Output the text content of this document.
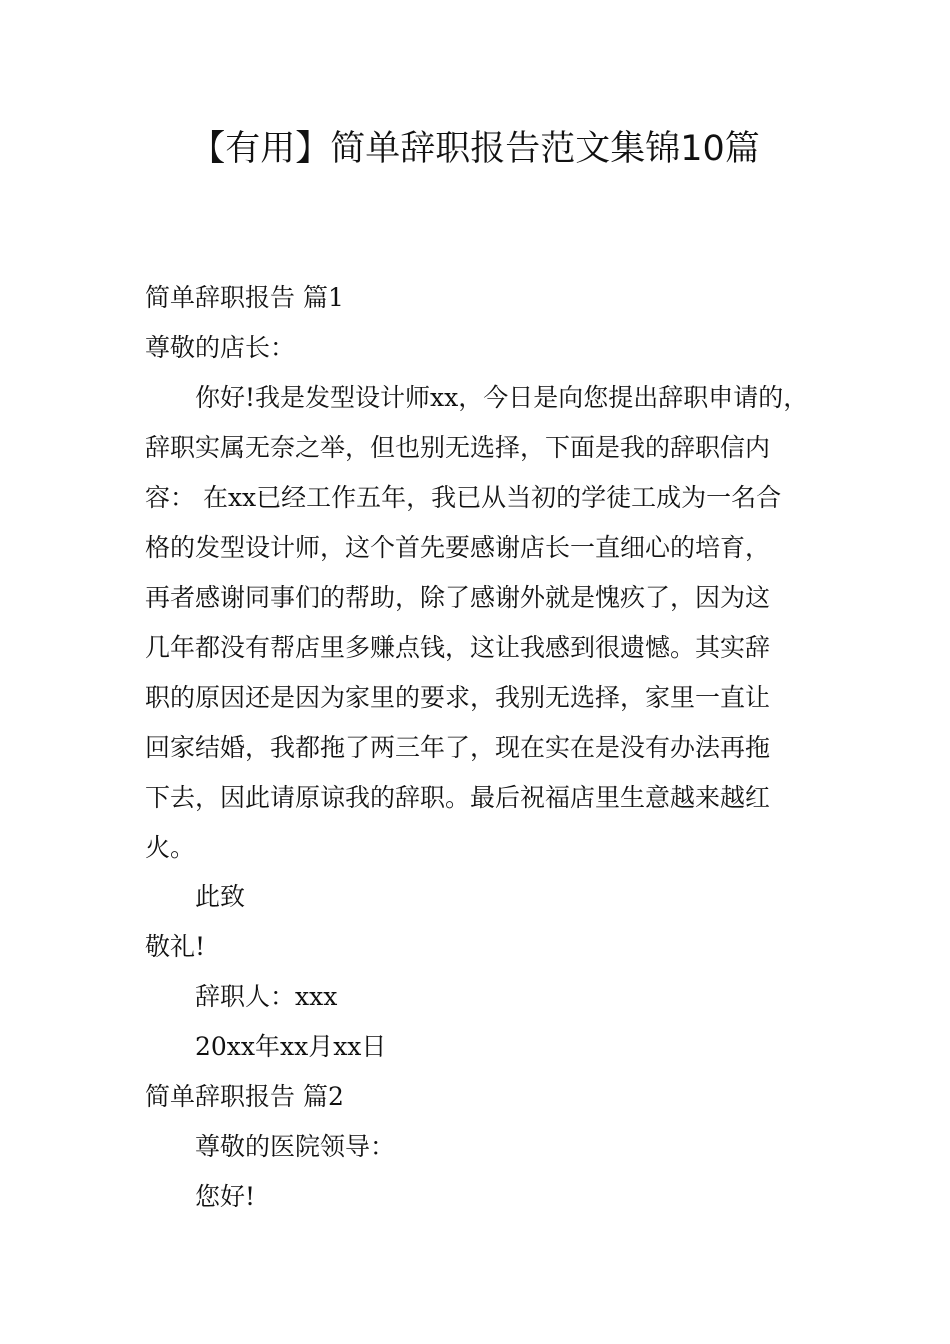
【有用】简单辞职报告范文集锦10篇
简单辞职报告 篇1
尊敬的店长：
你好!我是发型设计师xx，今日是向您提出辞职申请的，
辞职实属无奈之举，但也别无选择，下面是我的辞职信内
容： 在xx已经工作五年，我已从当初的学徒工成为一名合
格的发型设计师，这个首先要感谢店长一直细心的培育，
再者感谢同事们的帮助，除了感谢外就是愧疚了，因为这
几年都没有帮店里多赚点钱，这让我感到很遗憾。其实辞
职的原因还是因为家里的要求，我别无选择，家里一直让
回家结婚，我都拖了两三年了，现在实在是没有办法再拖
下去，因此请原谅我的辞职。最后祝福店里生意越来越红
火。
此致
敬礼!
辞职人：xxx
20xx年xx月xx日
简单辞职报告 篇2
尊敬的医院领导：
您好!
